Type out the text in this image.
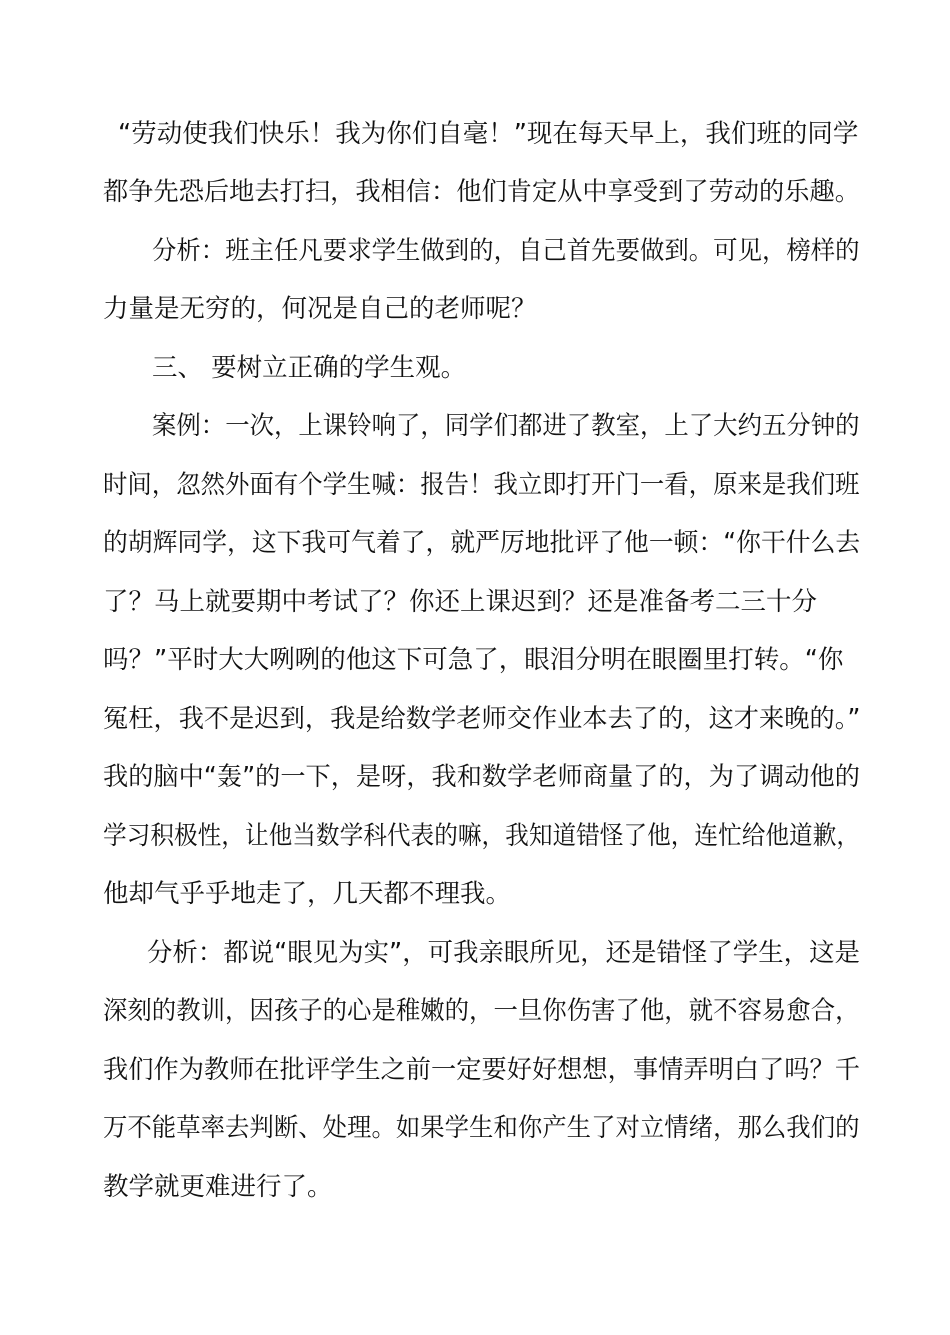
“劳动使我们快乐！我为你们自毫！”现在每天早上，我们班的同学
都争先恐后地去打扫，我相信：他们肯定从中享受到了劳动的乐趣。
分析：班主任凡要求学生做到的，自己首先要做到。可见，榜样的
力量是无穷的，何况是自己的老师呢？
三、 要树立正确的学生观。
案例：一次，上课铃响了，同学们都进了教室，上了大约五分钟的
时间，忽然外面有个学生喊：报告！我立即打开门一看，原来是我们班
的胡辉同学，这下我可气着了，就严厉地批评了他一顿：“你干什么去
了？马上就要期中考试了？你还上课迟到？还是准备考二三十分
吗？”平时大大咧咧的他这下可急了，眼泪分明在眼圈里打转。“你
冤枉，我不是迟到，我是给数学老师交作业本去了的，这才来晚的。”
我的脑中“轰”的一下，是呀，我和数学老师商量了的，为了调动他的
学习积极性，让他当数学科代表的嘛，我知道错怪了他，连忙给他道歉，
他却气乎乎地走了，几天都不理我。
分析：都说“眼见为实”，可我亲眼所见，还是错怪了学生，这是
深刻的教训，因孩子的心是稚嫩的，一旦你伤害了他，就不容易愈合，
我们作为教师在批评学生之前一定要好好想想，事情弄明白了吗？千
万不能草率去判断、处理。如果学生和你产生了对立情绪，那么我们的
教学就更难进行了。
